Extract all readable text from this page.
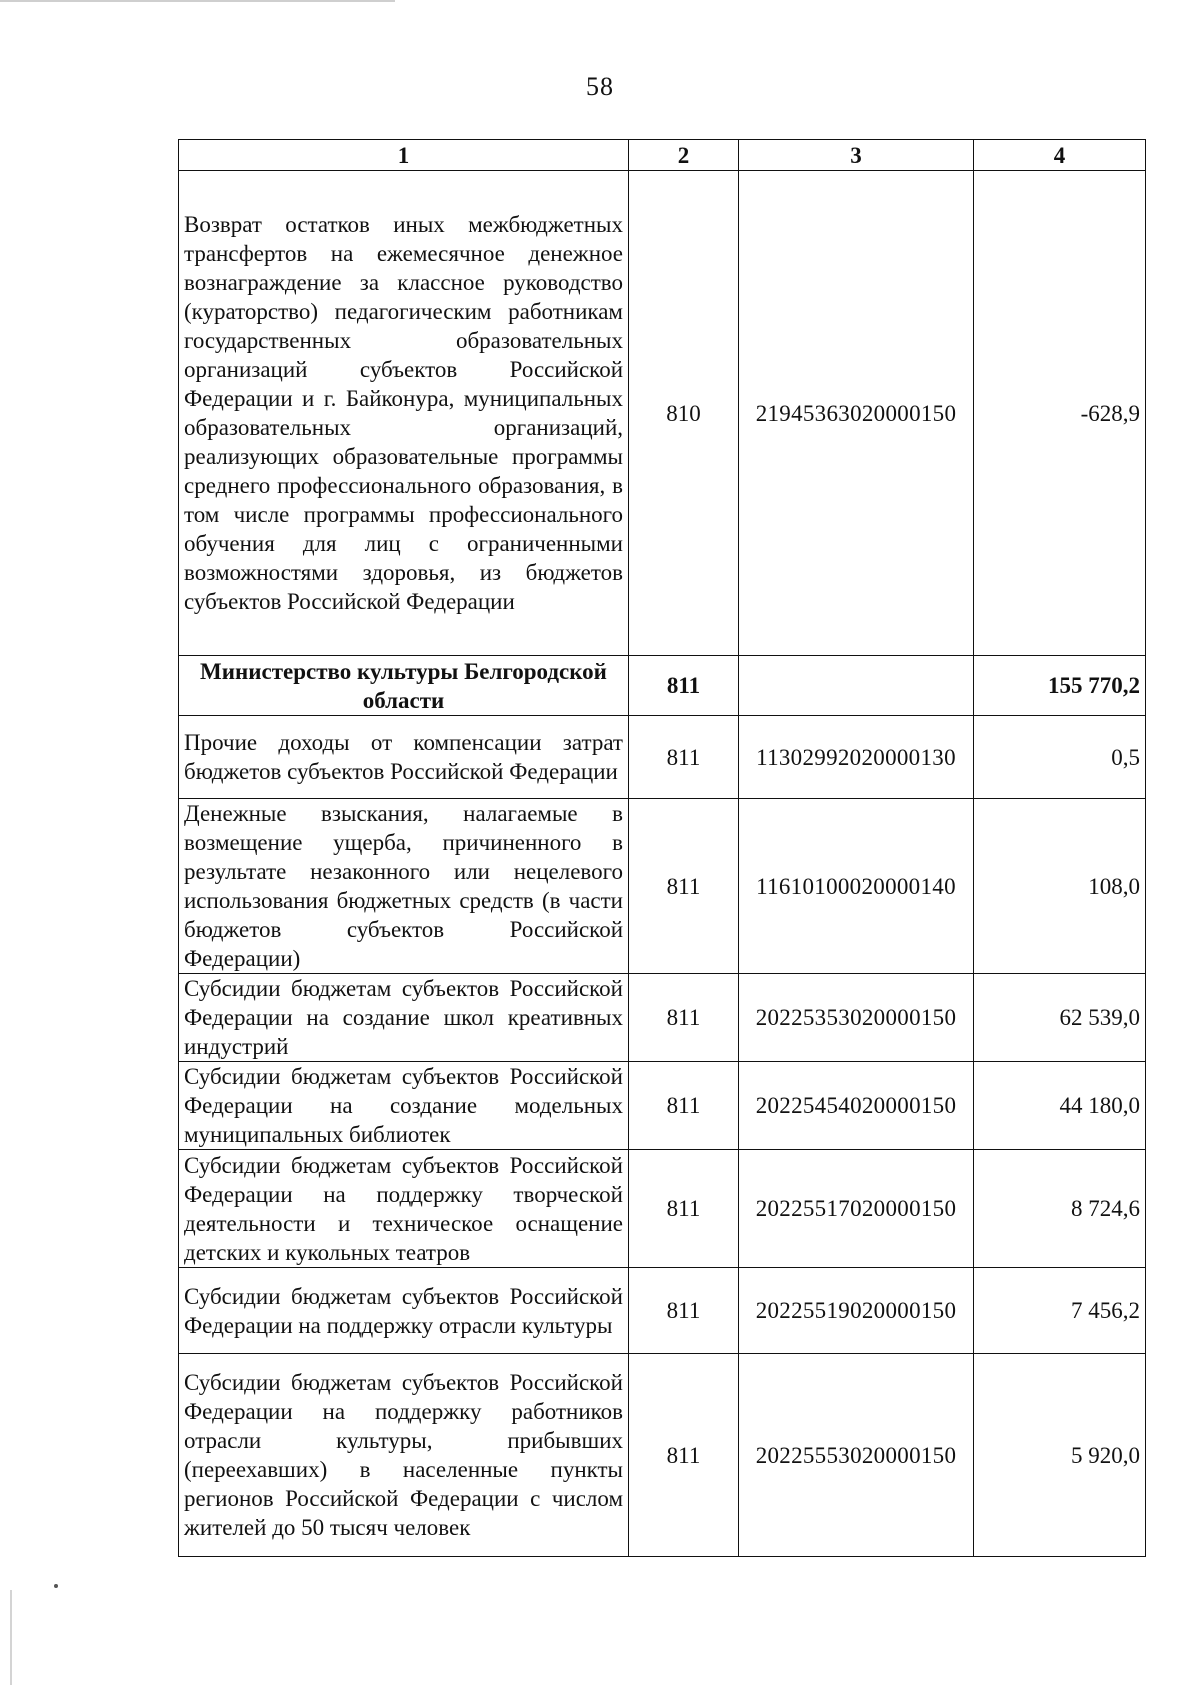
58
1	2	3	4
Возврат остатков иных межбюджетных трансфертов на ежемесячное денежное вознаграждение за классное руководство (кураторство) педагогическим работникам государственных образовательных организаций субъектов Российской Федерации и г. Байконура, муниципальных образовательных организаций, реализующих образовательные программы среднего профессионального образования, в том числе программы профессионального обучения для лиц с ограниченными возможностями здоровья, из бюджетов субъектов Российской Федерации	810	21945363020000150	-628,9
Министерство культуры Белгородской области	811		155 770,2
Прочие доходы от компенсации затрат бюджетов субъектов Российской Федерации	811	11302992020000130	0,5
Денежные взыскания, налагаемые в возмещение ущерба, причиненного в результате незаконного или нецелевого использования бюджетных средств (в части бюджетов субъектов Российской Федерации)	811	11610100020000140	108,0
Субсидии бюджетам субъектов Российской Федерации на создание школ креативных индустрий	811	20225353020000150	62 539,0
Субсидии бюджетам субъектов Российской Федерации на создание модельных муниципальных библиотек	811	20225454020000150	44 180,0
Субсидии бюджетам субъектов Российской Федерации на поддержку творческой деятельности и техническое оснащение детских и кукольных театров	811	20225517020000150	8 724,6
Субсидии бюджетам субъектов Российской Федерации на поддержку отрасли культуры	811	20225519020000150	7 456,2
Субсидии бюджетам субъектов Российской Федерации на поддержку работников отрасли культуры, прибывших (переехавших) в населенные пункты регионов Российской Федерации с числом жителей до 50 тысяч человек	811	20225553020000150	5 920,0
